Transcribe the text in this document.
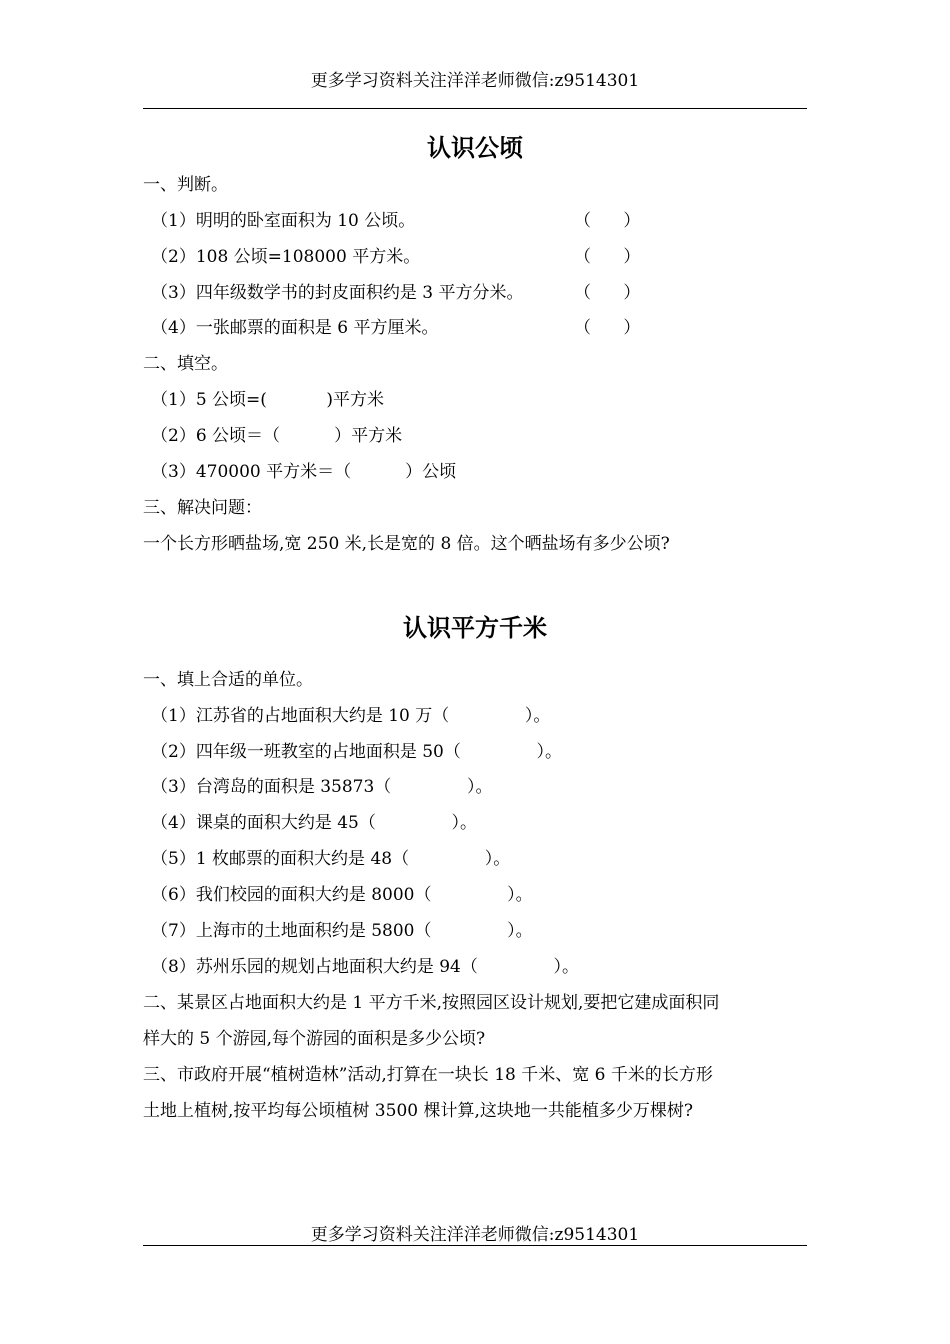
更多学习资料关注洋洋老师微信:z9514301
认识公顷
一、判断。
（1）明明的卧室面积为 10 公顷。	（      ）
（2）108 公顷=108000 平方米。	（      ）
（3）四年级数学书的封皮面积约是 3 平方分米。	（      ）
（4）一张邮票的面积是 6 平方厘米。	（      ）
二、填空。
（1）5 公顷=(           )平方米
（2）6 公顷＝（          ）平方米
（3）470000 平方米＝（          ）公顷
三、解决问题：
一个长方形晒盐场,宽 250 米,长是宽的 8 倍。这个晒盐场有多少公顷?
认识平方千米
一、填上合适的单位。
（1）江苏省的占地面积大约是 10 万（              ）。
（2）四年级一班教室的占地面积是 50（              ）。
（3）台湾岛的面积是 35873（              ）。
（4）课桌的面积大约是 45（              ）。
（5）1 枚邮票的面积大约是 48（              ）。
（6）我们校园的面积大约是 8000（              ）。
（7）上海市的土地面积约是 5800（              ）。
（8）苏州乐园的规划占地面积大约是 94（              ）。
二、某景区占地面积大约是 1 平方千米,按照园区设计规划,要把它建成面积同
样大的 5 个游园,每个游园的面积是多少公顷?
三、市政府开展“植树造林”活动,打算在一块长 18 千米、宽 6 千米的长方形
土地上植树,按平均每公顷植树 3500 棵计算,这块地一共能植多少万棵树?
更多学习资料关注洋洋老师微信:z9514301
